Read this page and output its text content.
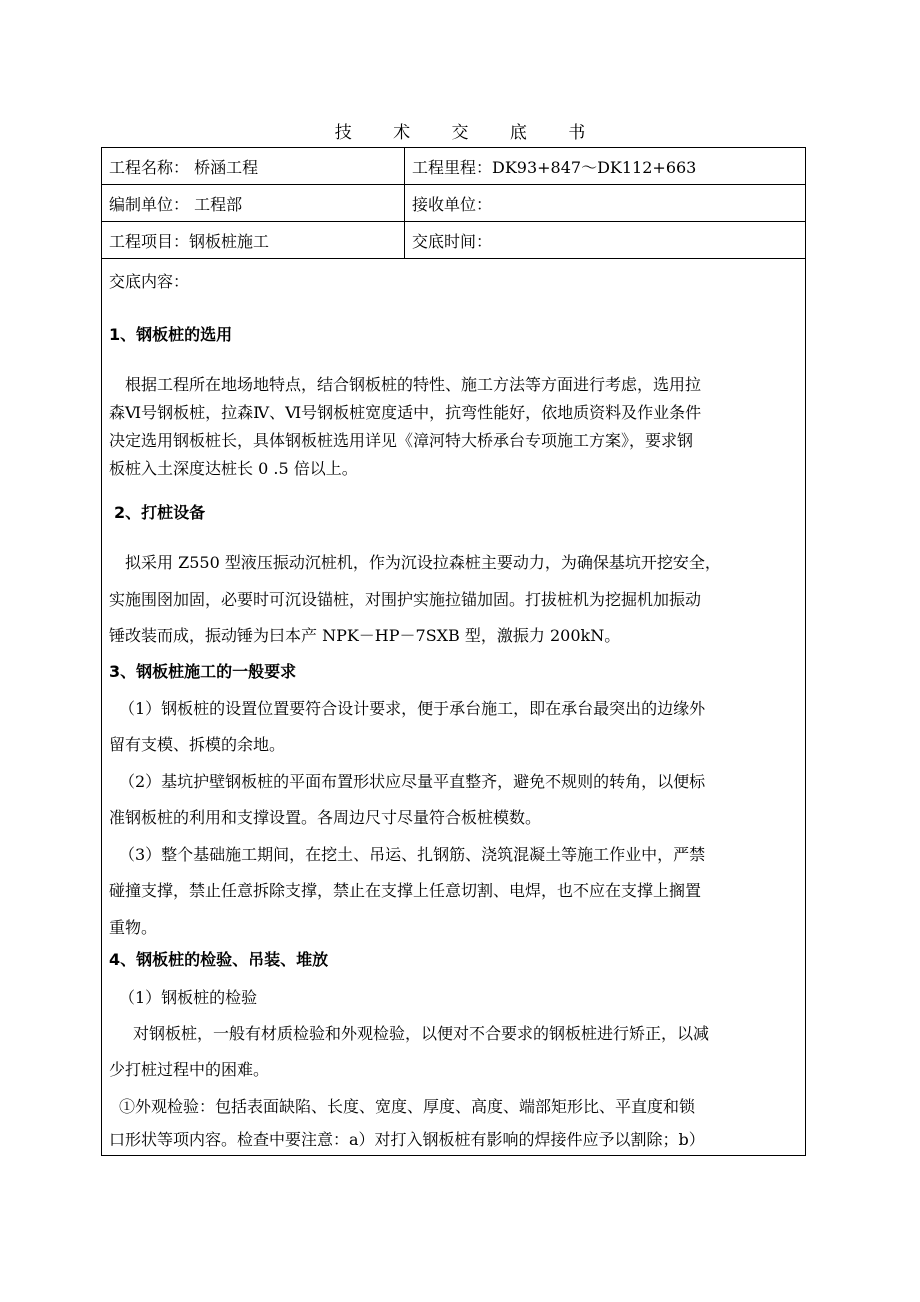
技 术 交 底 书
工程名称： 桥涵工程	工程里程：DK93+847～DK112+663
编制单位： 工程部	接收单位：
工程项目：钢板桩施工	交底时间：
交底内容：
1、钢板桩的选用
根据工程所在地场地特点，结合钢板桩的特性、施工方法等方面进行考虑，选用拉
森Ⅵ号钢板桩，拉森Ⅳ、Ⅵ号钢板桩宽度适中，抗弯性能好，依地质资料及作业条件
决定选用钢板桩长，具体钢板桩选用详见《漳河特大桥承台专项施工方案》，要求钢
板桩入土深度达桩长 0 .5 倍以上。
2、打桩设备
拟采用 Z550 型液压振动沉桩机，作为沉设拉森桩主要动力，为确保基坑开挖安全，
实施围囹加固，必要时可沉设锚桩，对围护实施拉锚加固。打拔桩机为挖掘机加振动
锤改装而成，振动锤为曰本产 NPK－HP－7SXB 型，激振力 200kN。
3、钢板桩施工的一般要求
（1）钢板桩的设置位置要符合设计要求，便于承台施工，即在承台最突出的边缘外
留有支模、拆模的余地。
（2）基坑护壁钢板桩的平面布置形状应尽量平直整齐，避免不规则的转角，以便标
准钢板桩的利用和支撑设置。各周边尺寸尽量符合板桩模数。
（3）整个基础施工期间，在挖土、吊运、扎钢筋、浇筑混凝土等施工作业中，严禁
碰撞支撑，禁止任意拆除支撑，禁止在支撑上任意切割、电焊，也不应在支撑上搁置
重物。
4、钢板桩的检验、吊装、堆放
（1）钢板桩的检验
对钢板桩，一般有材质检验和外观检验，以便对不合要求的钢板桩进行矫正，以减
少打桩过程中的困难。
①外观检验：包括表面缺陷、长度、宽度、厚度、高度、端部矩形比、平直度和锁
口形状等项内容。检查中要注意：a）对打入钢板桩有影响的焊接件应予以割除；b）
